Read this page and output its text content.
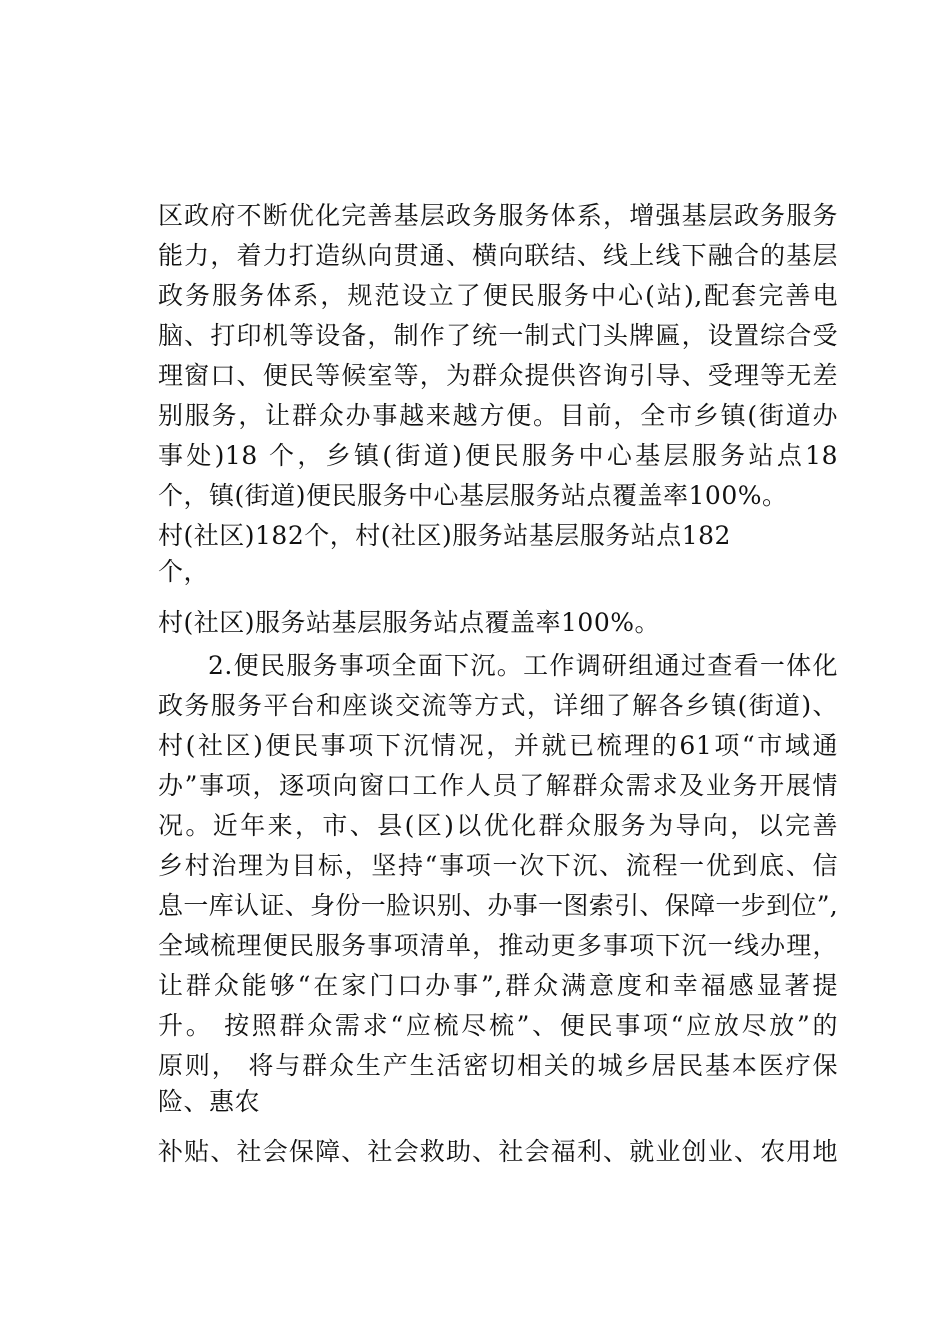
区政府不断优化完善基层政务服务体系，增强基层政务服务
能力，着力打造纵向贯通、横向联结、线上线下融合的基层
政务服务体系，规范设立了便民服务中心(站),配套完善电
脑、打印机等设备，制作了统一制式门头牌匾，设置综合受
理窗口、便民等候室等，为群众提供咨询引导、受理等无差
别服务，让群众办事越来越方便。目前，全市乡镇(街道办
事处)18 个，乡镇(街道)便民服务中心基层服务站点18
个，镇(街道)便民服务中心基层服务站点覆盖率100%。
村(社区)182个，村(社区)服务站基层服务站点182
个，
村(社区)服务站基层服务站点覆盖率100%。
2.便民服务事项全面下沉。工作调研组通过查看一体化
政务服务平台和座谈交流等方式，详细了解各乡镇(街道)、
村(社区)便民事项下沉情况，并就已梳理的61项“市域通
办”事项，逐项向窗口工作人员了解群众需求及业务开展情
况。近年来，市、县(区)以优化群众服务为导向，以完善
乡村治理为目标，坚持“事项一次下沉、流程一优到底、信
息一库认证、身份一脸识别、办事一图索引、保障一步到位”,
全域梳理便民服务事项清单，推动更多事项下沉一线办理，
让群众能够“在家门口办事”,群众满意度和幸福感显著提
升。 按照群众需求“应梳尽梳”、便民事项“应放尽放”的
原则， 将与群众生产生活密切相关的城乡居民基本医疗保
险、惠农
补贴、社会保障、社会救助、社会福利、就业创业、农用地
